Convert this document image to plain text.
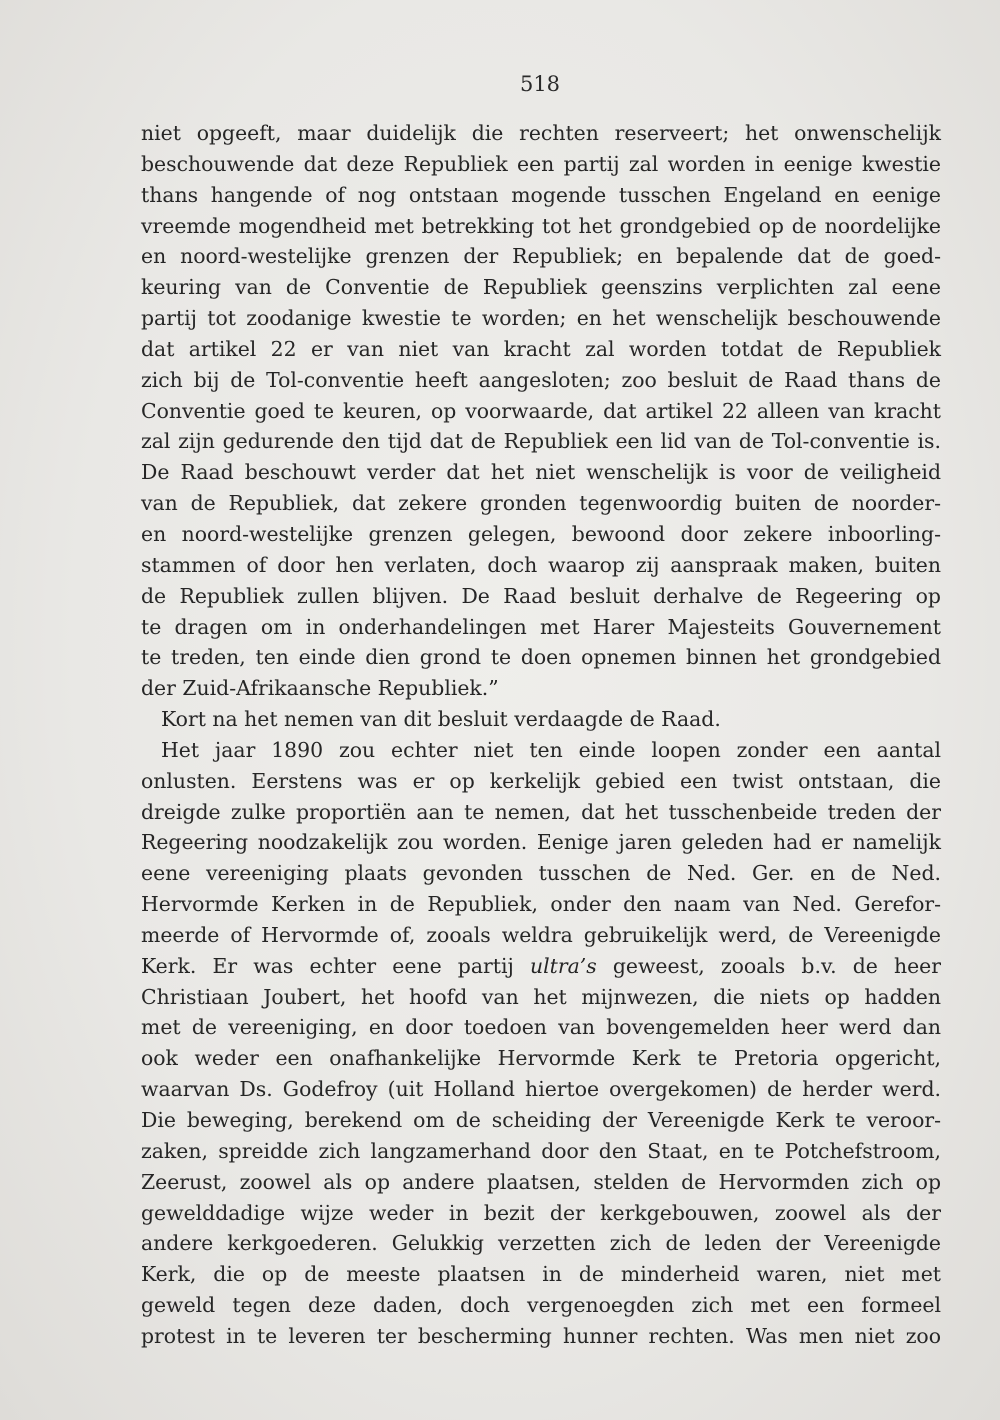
518
niet opgeeft, maar duidelijk die rechten reserveert; het onwenschelijk
beschouwende dat deze Republiek een partij zal worden in eenige kwestie
thans hangende of nog ontstaan mogende tusschen Engeland en eenige
vreemde mogendheid met betrekking tot het grondgebied op de noordelijke
en noord-westelijke grenzen der Republiek; en bepalende dat de goed-
keuring van de Conventie de Republiek geenszins verplichten zal eene
partij tot zoodanige kwestie te worden; en het wenschelijk beschouwende
dat artikel 22 er van niet van kracht zal worden totdat de Republiek
zich bij de Tol-conventie heeft aangesloten; zoo besluit de Raad thans de
Conventie goed te keuren, op voorwaarde, dat artikel 22 alleen van kracht
zal zijn gedurende den tijd dat de Republiek een lid van de Tol-conventie is.
De Raad beschouwt verder dat het niet wenschelijk is voor de veiligheid
van de Republiek, dat zekere gronden tegenwoordig buiten de noorder-
en noord-westelijke grenzen gelegen, bewoond door zekere inboorling-
stammen of door hen verlaten, doch waarop zij aanspraak maken, buiten
de Republiek zullen blijven. De Raad besluit derhalve de Regeering op
te dragen om in onderhandelingen met Harer Majesteits Gouvernement
te treden, ten einde dien grond te doen opnemen binnen het grondgebied
der Zuid-Afrikaansche Republiek.”
Kort na het nemen van dit besluit verdaagde de Raad.
Het jaar 1890 zou echter niet ten einde loopen zonder een aantal
onlusten. Eerstens was er op kerkelijk gebied een twist ontstaan, die
dreigde zulke proportiën aan te nemen, dat het tusschenbeide treden der
Regeering noodzakelijk zou worden. Eenige jaren geleden had er namelijk
eene vereeniging plaats gevonden tusschen de Ned. Ger. en de Ned.
Hervormde Kerken in de Republiek, onder den naam van Ned. Gerefor-
meerde of Hervormde of, zooals weldra gebruikelijk werd, de Vereenigde
Kerk. Er was echter eene partij ultra’s geweest, zooals b.v. de heer
Christiaan Joubert, het hoofd van het mijnwezen, die niets op hadden
met de vereeniging, en door toedoen van bovengemelden heer werd dan
ook weder een onafhankelijke Hervormde Kerk te Pretoria opgericht,
waarvan Ds. Godefroy (uit Holland hiertoe overgekomen) de herder werd.
Die beweging, berekend om de scheiding der Vereenigde Kerk te veroor-
zaken, spreidde zich langzamerhand door den Staat, en te Potchefstroom,
Zeerust, zoowel als op andere plaatsen, stelden de Hervormden zich op
gewelddadige wijze weder in bezit der kerkgebouwen, zoowel als der
andere kerkgoederen. Gelukkig verzetten zich de leden der Vereenigde
Kerk, die op de meeste plaatsen in de minderheid waren, niet met
geweld tegen deze daden, doch vergenoegden zich met een formeel
protest in te leveren ter bescherming hunner rechten. Was men niet zoo
